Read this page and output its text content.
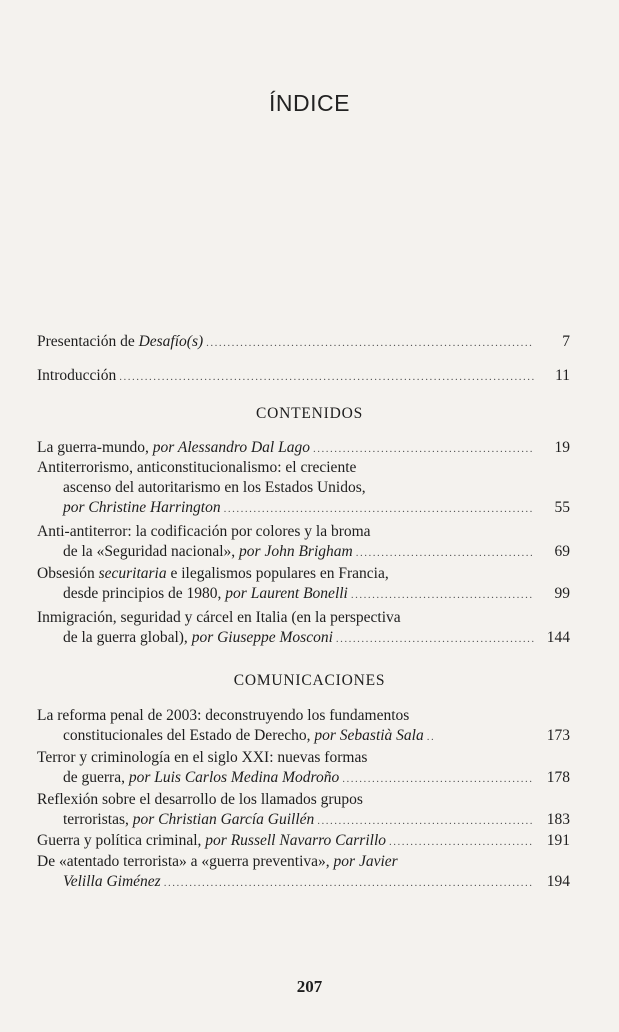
ÍNDICE
Presentación de Desafío(s) .....	7
Introducción .....	11
CONTENIDOS
La guerra-mundo, por Alessandro Dal Lago .....	19
Antiterrorismo, anticonstitucionalismo: el creciente
ascenso del autoritarismo en los Estados Unidos,
por Christine Harrington .....	55
Anti-antiterror: la codificación por colores y la broma
de la «Seguridad nacional», por John Brigham .....	69
Obsesión securitaria e ilegalismos populares en Francia,
desde principios de 1980, por Laurent Bonelli .....	99
Inmigración, seguridad y cárcel en Italia (en la perspectiva
de la guerra global), por Giuseppe Mosconi .....	144
COMUNICACIONES
La reforma penal de 2003: deconstruyendo los fundamentos
constitucionales del Estado de Derecho, por Sebastià Sala .....	173
Terror y criminología en el siglo XXI: nuevas formas
de guerra, por Luis Carlos Medina Modroño .....	178
Reflexión sobre el desarrollo de los llamados grupos
terroristas, por Christian García Guillén .....	183
Guerra y política criminal, por Russell Navarro Carrillo .....	191
De «atentado terrorista» a «guerra preventiva», por Javier
Velilla Giménez .....	194
207
